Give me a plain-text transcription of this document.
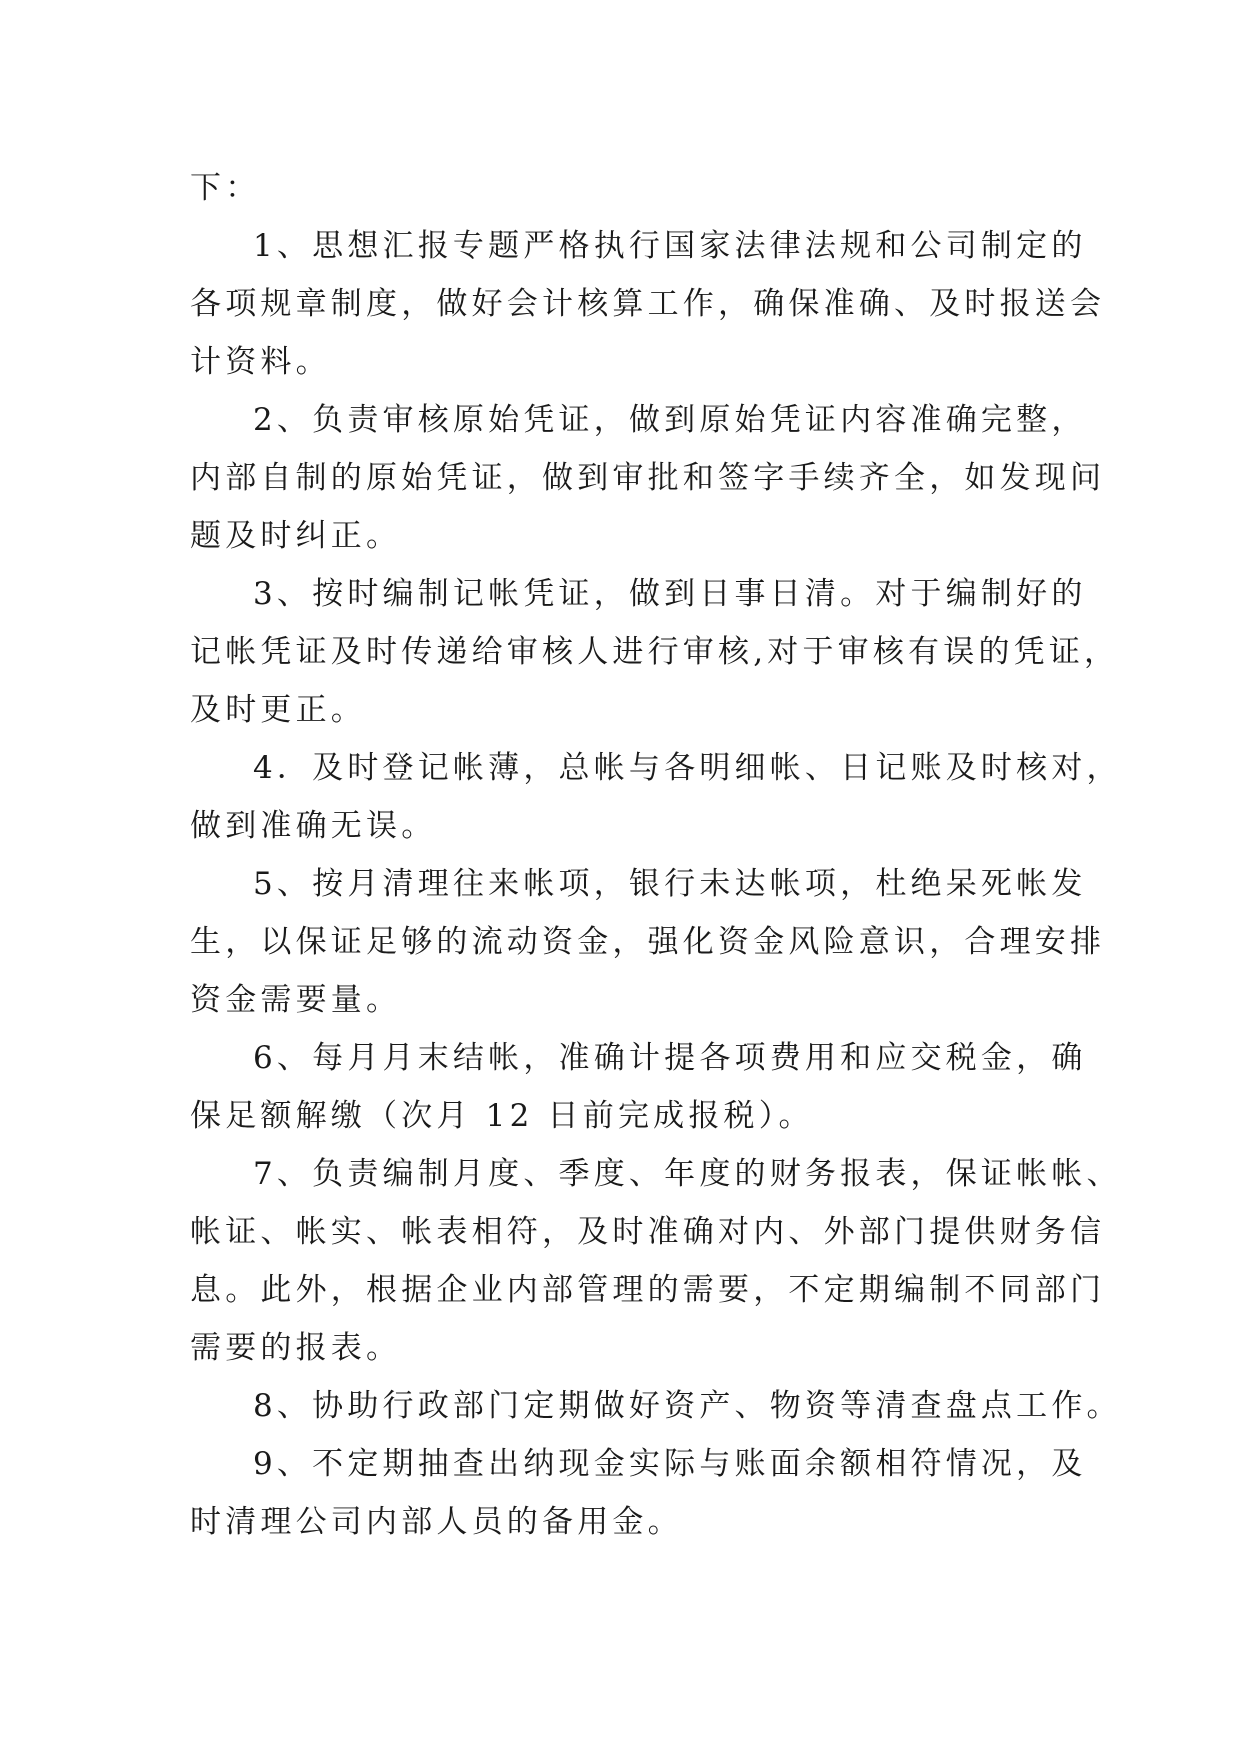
下：
1、思想汇报专题严格执行国家法律法规和公司制定的
各项规章制度，做好会计核算工作，确保准确、及时报送会
计资料。
2、负责审核原始凭证，做到原始凭证内容准确完整，
内部自制的原始凭证，做到审批和签字手续齐全，如发现问
题及时纠正。
3、按时编制记帐凭证，做到日事日清。对于编制好的
记帐凭证及时传递给审核人进行审核,对于审核有误的凭证，
及时更正。
4．及时登记帐薄，总帐与各明细帐、日记账及时核对，
做到准确无误。
5、按月清理往来帐项，银行未达帐项，杜绝呆死帐发
生，以保证足够的流动资金，强化资金风险意识，合理安排
资金需要量。
6、每月月末结帐，准确计提各项费用和应交税金，确
保足额解缴（次月 12 日前完成报税）。
7、负责编制月度、季度、年度的财务报表，保证帐帐、
帐证、帐实、帐表相符，及时准确对内、外部门提供财务信
息。此外，根据企业内部管理的需要，不定期编制不同部门
需要的报表。
8、协助行政部门定期做好资产、物资等清查盘点工作。
9、不定期抽查出纳现金实际与账面余额相符情况，及
时清理公司内部人员的备用金。
